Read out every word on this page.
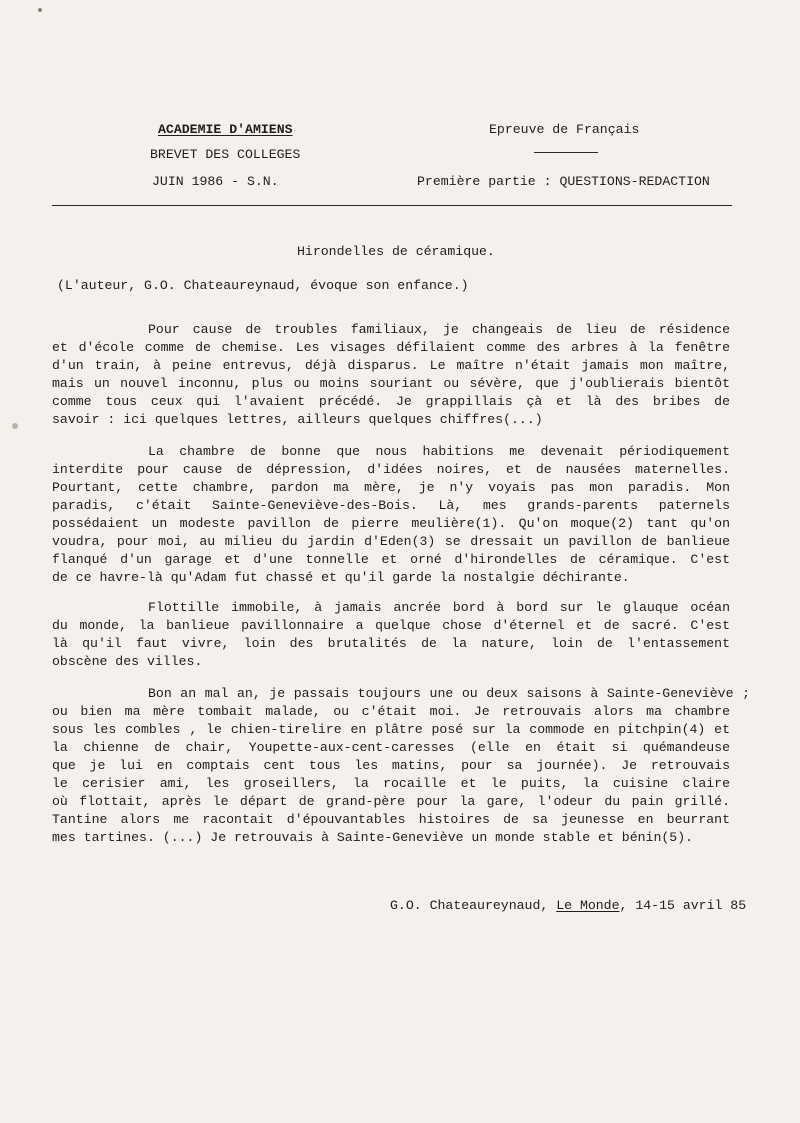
ACADEMIE D'AMIENS
BREVET DES COLLEGES
JUIN 1986 - S.N.
Epreuve de Français
Première partie : QUESTIONS-REDACTION
Hirondelles de céramique.
(L'auteur, G.O. Chateaureynaud, évoque son enfance.)
Pour cause de troubles familiaux, je changeais de lieu de résidence
et d'école comme de chemise. Les visages défilaient comme des arbres à la fenêtre
d'un train, à peine entrevus, déjà disparus. Le maître n'était jamais mon maître,
mais un nouvel inconnu, plus ou moins souriant ou sévère, que j'oublierais bientôt
comme tous ceux qui l'avaient précédé. Je grappillais çà et là des bribes de
savoir : ici quelques lettres, ailleurs quelques chiffres(...)
La chambre de bonne que nous habitions me devenait périodiquement
interdite pour cause de dépression, d'idées noires, et de nausées maternelles.
Pourtant, cette chambre, pardon ma mère, je n'y voyais pas mon paradis. Mon
paradis, c'était Sainte-Geneviève-des-Bois. Là, mes grands-parents paternels
possédaient un modeste pavillon de pierre meulière(1). Qu'on moque(2) tant qu'on
voudra, pour moi, au milieu du jardin d'Eden(3) se dressait un pavillon de banlieue
flanqué d'un garage et d'une tonnelle et orné d'hirondelles de céramique. C'est
de ce havre-là qu'Adam fut chassé et qu'il garde la nostalgie déchirante.
Flottille immobile, à jamais ancrée bord à bord sur le glauque océan
du monde, la banlieue pavillonnaire a quelque chose d'éternel et de sacré. C'est
là qu'il faut vivre, loin des brutalités de la nature, loin de l'entassement
obscène des villes.
Bon an mal an, je passais toujours une ou deux saisons à Sainte-Geneviève ;
ou bien ma mère tombait malade, ou c'était moi. Je retrouvais alors ma chambre
sous les combles , le chien-tirelire en plâtre posé sur la commode en pitchpin(4) et
la chienne de chair, Youpette-aux-cent-caresses (elle en était si quémandeuse
que je lui en comptais cent tous les matins, pour sa journée). Je retrouvais
le cerisier ami, les groseillers, la rocaille et le puits, la cuisine claire
où flottait, après le départ de grand-père pour la gare, l'odeur du pain grillé.
Tantine alors me racontait d'épouvantables histoires de sa jeunesse en beurrant
mes tartines. (...) Je retrouvais à Sainte-Geneviève un monde stable et bénin(5).
G.O. Chateaureynaud, Le Monde, 14-15 avril 85
